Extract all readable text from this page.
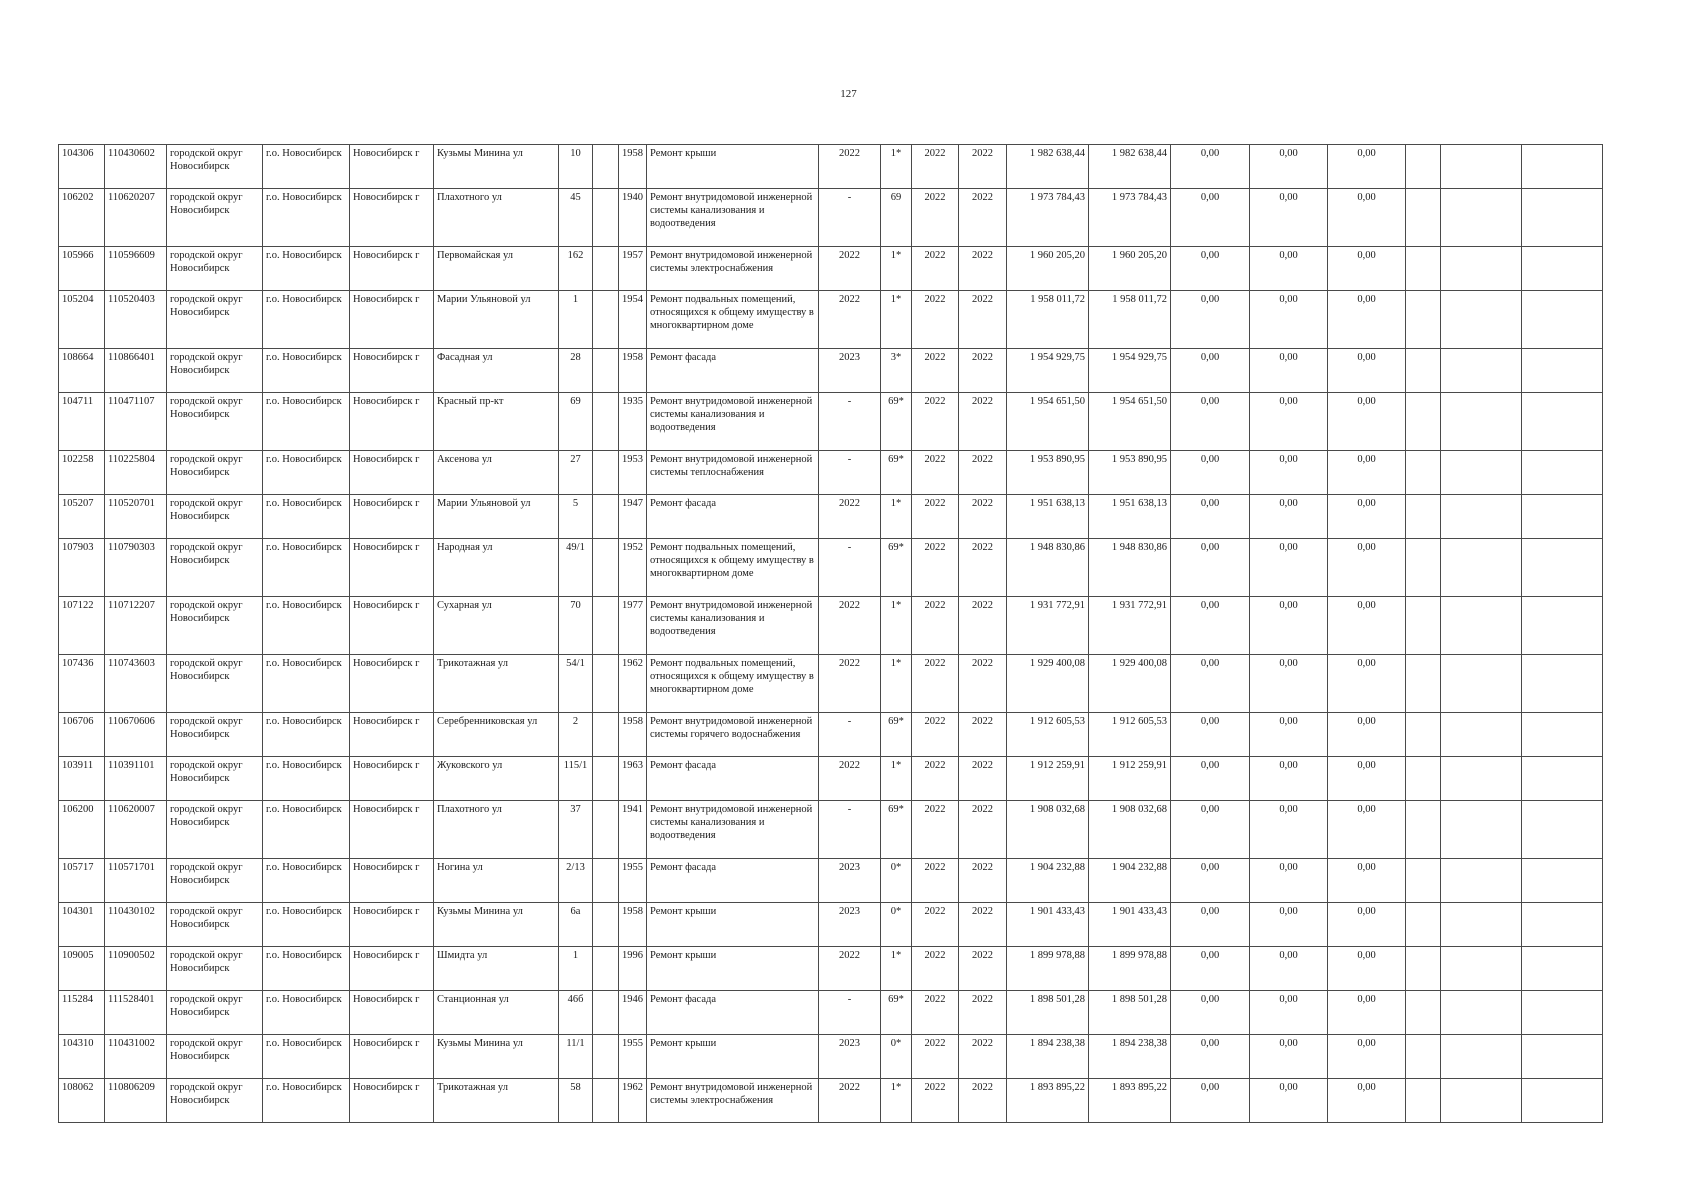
127
104306	110430602	городской округ Новосибирск	г.о. Новосибирск	Новосибирск г	Кузьмы Минина ул	10		1958	Ремонт крыши	2022	1*	2022	2022	1 982 638,44	1 982 638,44	0,00	0,00	0,00			
106202	110620207	городской округ Новосибирск	г.о. Новосибирск	Новосибирск г	Плахотного ул	45		1940	Ремонт внутридомовой инженерной системы канализования и водоотведения	-	69	2022	2022	1 973 784,43	1 973 784,43	0,00	0,00	0,00			
105966	110596609	городской округ Новосибирск	г.о. Новосибирск	Новосибирск г	Первомайская ул	162		1957	Ремонт внутридомовой инженерной системы электроснабжения	2022	1*	2022	2022	1 960 205,20	1 960 205,20	0,00	0,00	0,00			
105204	110520403	городской округ Новосибирск	г.о. Новосибирск	Новосибирск г	Марии Ульяновой ул	1		1954	Ремонт подвальных помещений, относящихся к общему имуществу в многоквартирном доме	2022	1*	2022	2022	1 958 011,72	1 958 011,72	0,00	0,00	0,00			
108664	110866401	городской округ Новосибирск	г.о. Новосибирск	Новосибирск г	Фасадная ул	28		1958	Ремонт фасада	2023	3*	2022	2022	1 954 929,75	1 954 929,75	0,00	0,00	0,00			
104711	110471107	городской округ Новосибирск	г.о. Новосибирск	Новосибирск г	Красный пр-кт	69		1935	Ремонт внутридомовой инженерной системы канализования и водоотведения	-	69*	2022	2022	1 954 651,50	1 954 651,50	0,00	0,00	0,00			
102258	110225804	городской округ Новосибирск	г.о. Новосибирск	Новосибирск г	Аксенова ул	27		1953	Ремонт внутридомовой инженерной системы теплоснабжения	-	69*	2022	2022	1 953 890,95	1 953 890,95	0,00	0,00	0,00			
105207	110520701	городской округ Новосибирск	г.о. Новосибирск	Новосибирск г	Марии Ульяновой ул	5		1947	Ремонт фасада	2022	1*	2022	2022	1 951 638,13	1 951 638,13	0,00	0,00	0,00			
107903	110790303	городской округ Новосибирск	г.о. Новосибирск	Новосибирск г	Народная ул	49/1		1952	Ремонт подвальных помещений, относящихся к общему имуществу в многоквартирном доме	-	69*	2022	2022	1 948 830,86	1 948 830,86	0,00	0,00	0,00			
107122	110712207	городской округ Новосибирск	г.о. Новосибирск	Новосибирск г	Сухарная ул	70		1977	Ремонт внутридомовой инженерной системы канализования и водоотведения	2022	1*	2022	2022	1 931 772,91	1 931 772,91	0,00	0,00	0,00			
107436	110743603	городской округ Новосибирск	г.о. Новосибирск	Новосибирск г	Трикотажная ул	54/1		1962	Ремонт подвальных помещений, относящихся к общему имуществу в многоквартирном доме	2022	1*	2022	2022	1 929 400,08	1 929 400,08	0,00	0,00	0,00			
106706	110670606	городской округ Новосибирск	г.о. Новосибирск	Новосибирск г	Серебренниковская ул	2		1958	Ремонт внутридомовой инженерной системы горячего водоснабжения	-	69*	2022	2022	1 912 605,53	1 912 605,53	0,00	0,00	0,00			
103911	110391101	городской округ Новосибирск	г.о. Новосибирск	Новосибирск г	Жуковского ул	115/1		1963	Ремонт фасада	2022	1*	2022	2022	1 912 259,91	1 912 259,91	0,00	0,00	0,00			
106200	110620007	городской округ Новосибирск	г.о. Новосибирск	Новосибирск г	Плахотного ул	37		1941	Ремонт внутридомовой инженерной системы канализования и водоотведения	-	69*	2022	2022	1 908 032,68	1 908 032,68	0,00	0,00	0,00			
105717	110571701	городской округ Новосибирск	г.о. Новосибирск	Новосибирск г	Ногина ул	2/13		1955	Ремонт фасада	2023	0*	2022	2022	1 904 232,88	1 904 232,88	0,00	0,00	0,00			
104301	110430102	городской округ Новосибирск	г.о. Новосибирск	Новосибирск г	Кузьмы Минина ул	6а		1958	Ремонт крыши	2023	0*	2022	2022	1 901 433,43	1 901 433,43	0,00	0,00	0,00			
109005	110900502	городской округ Новосибирск	г.о. Новосибирск	Новосибирск г	Шмидта ул	1		1996	Ремонт крыши	2022	1*	2022	2022	1 899 978,88	1 899 978,88	0,00	0,00	0,00			
115284	111528401	городской округ Новосибирск	г.о. Новосибирск	Новосибирск г	Станционная ул	46б		1946	Ремонт фасада	-	69*	2022	2022	1 898 501,28	1 898 501,28	0,00	0,00	0,00			
104310	110431002	городской округ Новосибирск	г.о. Новосибирск	Новосибирск г	Кузьмы Минина ул	11/1		1955	Ремонт крыши	2023	0*	2022	2022	1 894 238,38	1 894 238,38	0,00	0,00	0,00			
108062	110806209	городской округ Новосибирск	г.о. Новосибирск	Новосибирск г	Трикотажная ул	58		1962	Ремонт внутридомовой инженерной системы электроснабжения	2022	1*	2022	2022	1 893 895,22	1 893 895,22	0,00	0,00	0,00			
